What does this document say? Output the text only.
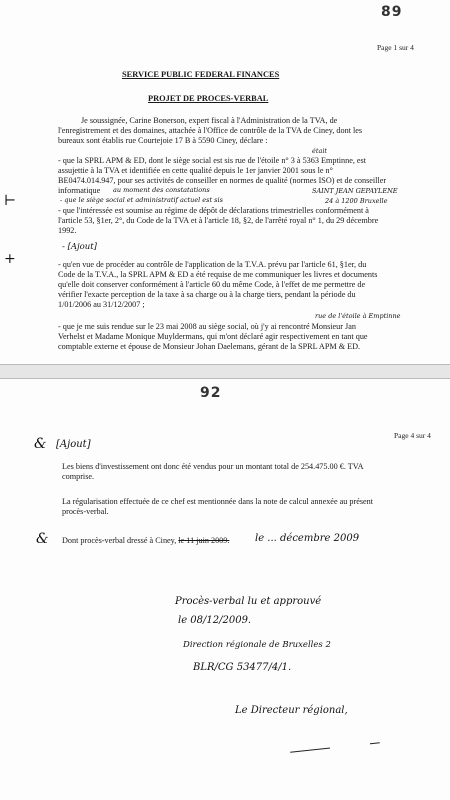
89
Page 1 sur 4
SERVICE PUBLIC FEDERAL FINANCES
PROJET DE PROCES-VERBAL
Je soussignée, Carine Bonerson, expert fiscal à l'Administration de la TVA, de
l'enregistrement et des domaines, attachée à l'Office de contrôle de la TVA de Ciney, dont les
bureaux sont établis rue Courtejoie 17 B à 5590 Ciney, déclare :
était
- que la SPRL APM & ED, dont le siège social est sis rue de l'étoile n° 3 à 5363 Emptinne, est
assujettie à la TVA et identifiée en cette qualité depuis le 1er janvier 2001 sous le n°
BE0474.014.947, pour ses activités de conseiller en normes de qualité (normes ISO) et de conseiller
informatique au moment des constatations	SAINT JEAN GEPAYLENE
- que le siège social et administratif actuel est sis	24 à 1200 Bruxelle
⊢
- que l'intéressée est soumise au régime de dépôt de déclarations trimestrielles conformément à
l'article 53, §1er, 2°, du Code de la TVA et à l'article 18, §2, de l'arrêté royal n° 1, du 29 décembre
1992.
- [Ajout]
+	- qu'en vue de procéder au contrôle de l'application de la T.V.A. prévu par l'article 61, §1er, du
Code de la T.V.A., la SPRL APM & ED a été requise de me communiquer les livres et documents
qu'elle doit conserver conformément à l'article 60 du même Code, à l'effet de me permettre de
vérifier l'exacte perception de la taxe à sa charge ou à la charge tiers, pendant la période du
1/01/2006 au 31/12/2007 ;
rue de l'étoile à Emptinne
- que je me suis rendue sur le 23 mai 2008 au siège social, où j'y ai rencontré Monsieur Jan
Verhelst et Madame Monique Muyldermans, qui m'ont déclaré agir respectivement en tant que
comptable externe et épouse de Monsieur Johan Daelemans, gérant de la SPRL APM & ED.
92
Page 4 sur 4
& [Ajout]
Les biens d'investissement ont donc été vendus pour un montant total de 254.475.00 €. TVA
comprise.
La régularisation effectuée de ce chef est mentionnée dans la note de calcul annexée au présent
procès-verbal.
& Dont procès-verbal dressé à Ciney, le 11 juin 2009.	le ... décembre 2009
Procès-verbal lu et approuvé
le 08/12/2009.
Direction régionale de Bruxelles 2
BLR/CG 53477/4/1.
Le Directeur régional,
